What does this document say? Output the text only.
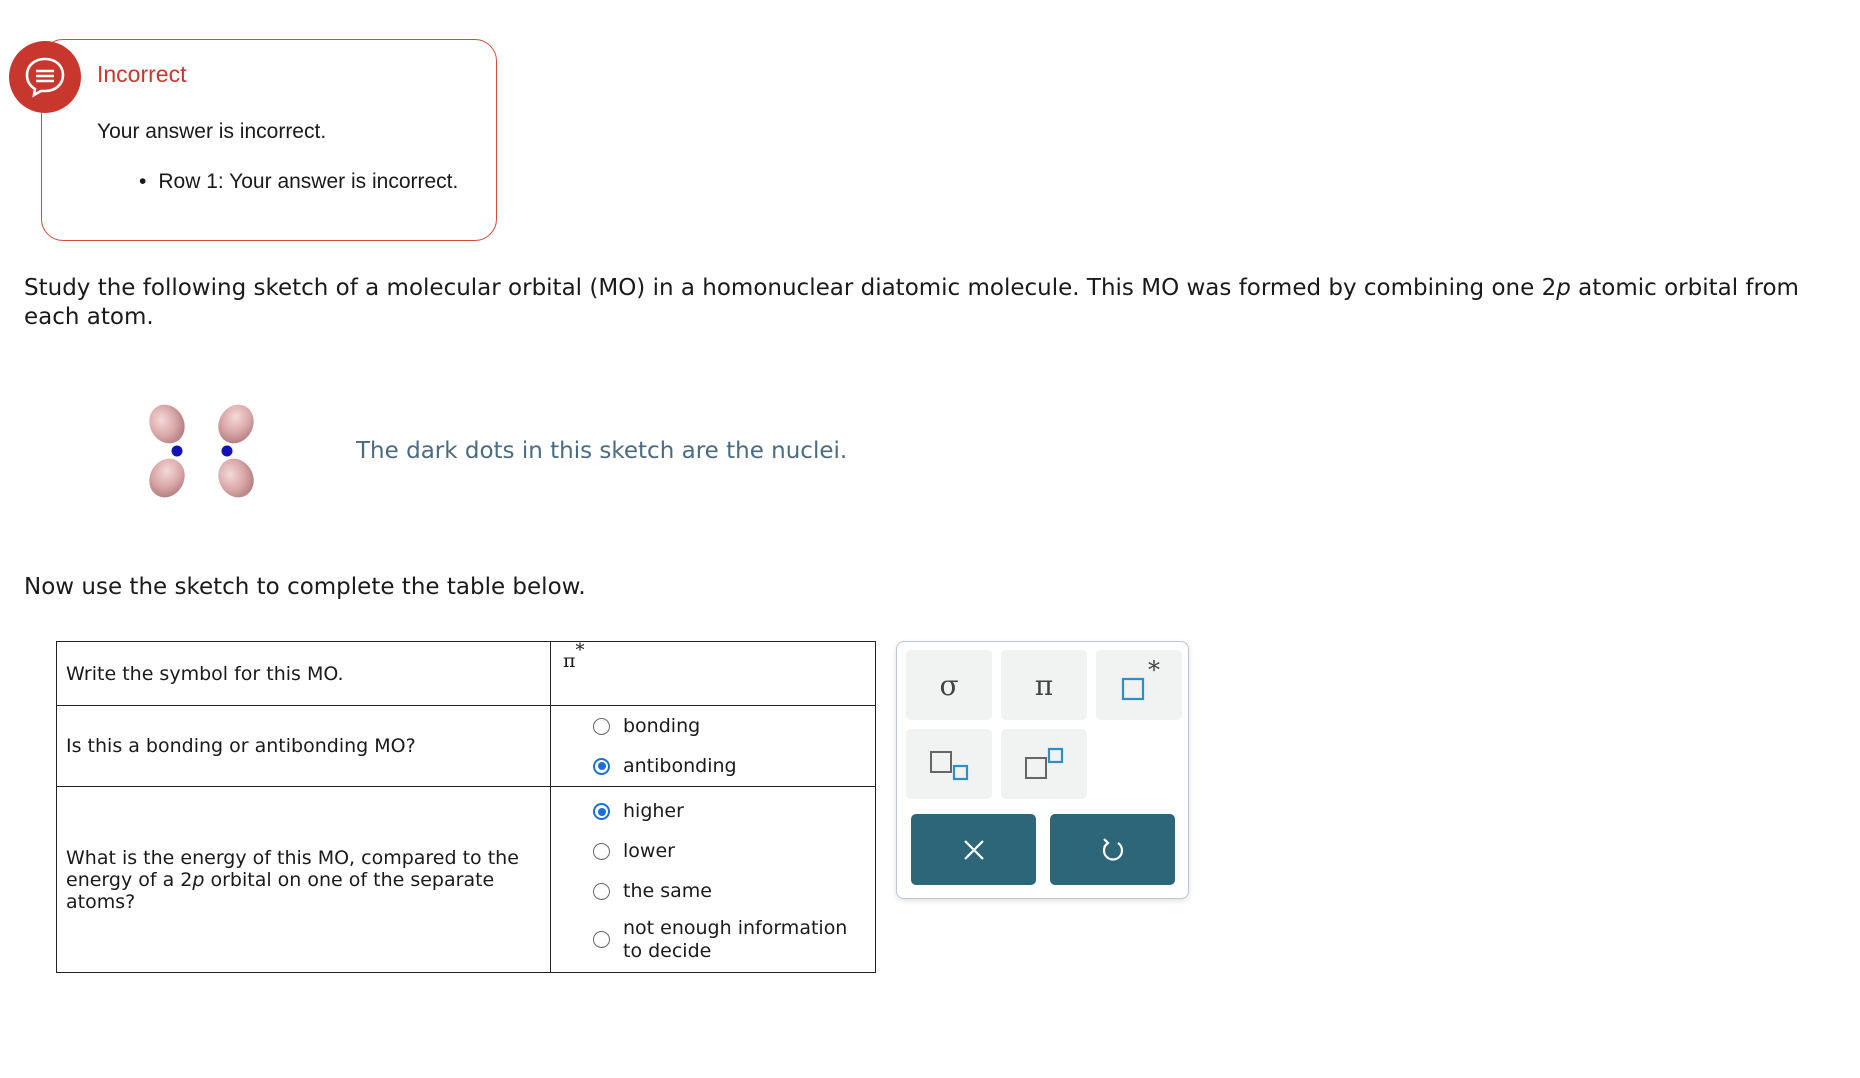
Incorrect
Your answer is incorrect.
• Row 1: Your answer is incorrect.
Study the following sketch of a molecular orbital (MO) in a homonuclear diatomic molecule. This MO was formed by combining one 2p atomic orbital from each atom.
The dark dots in this sketch are the nuclei.
Now use the sketch to complete the table below.
Write the symbol for this MO.	π*
Is this a bonding or antibonding MO?	bonding
antibonding

What is the energy of this MO, compared to the energy of a 2p orbital on one of the separate atoms?	higher
lower
the same
not enough information to decide
σ	π	*
